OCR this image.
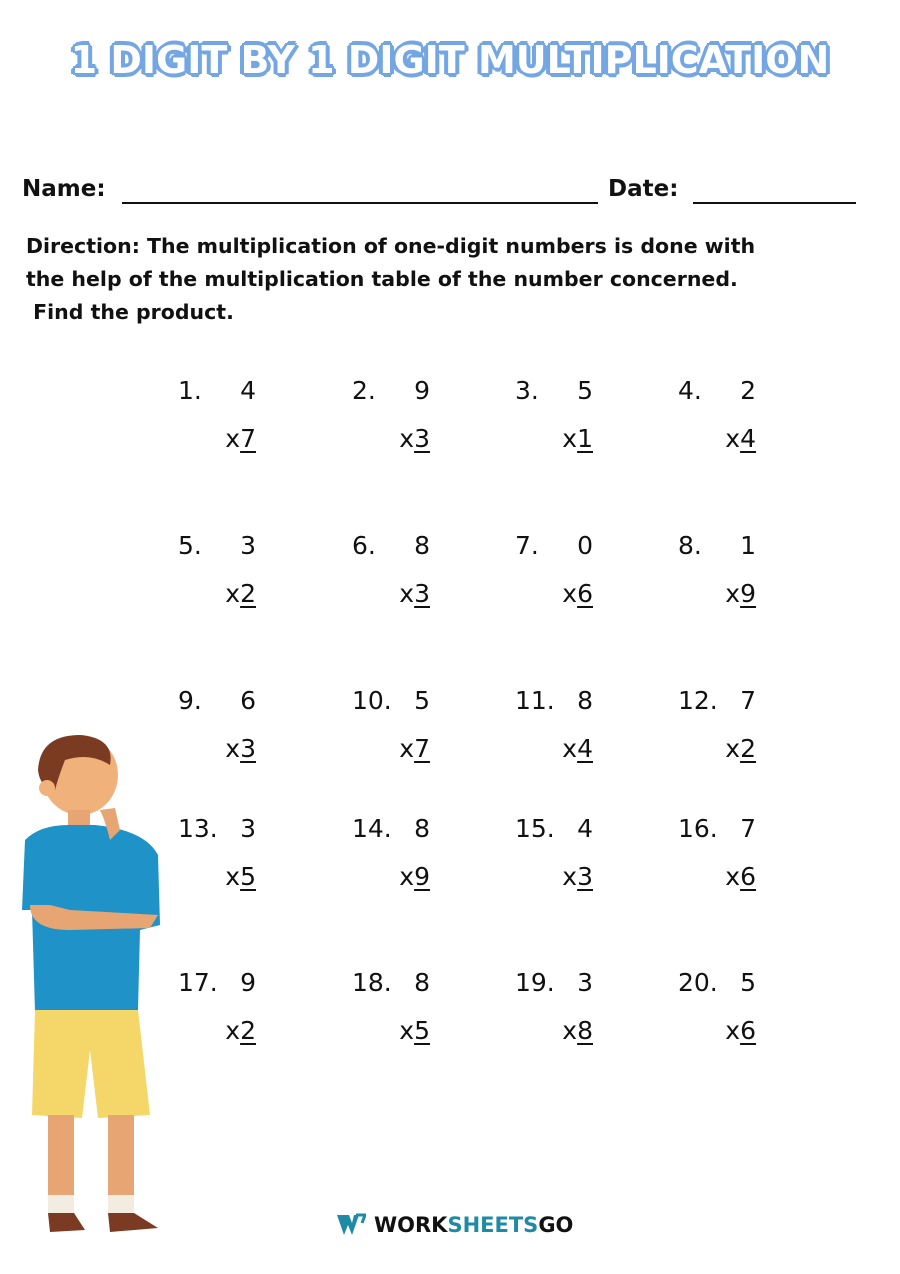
1 DIGIT BY 1 DIGIT MULTIPLICATION
Name:	Date:
Direction: The multiplication of one-digit numbers is done with
the help of the multiplication table of the number concerned.
Find the product.
1. 4
x7
2. 9
x3
3. 5
x1
4. 2
x4
5. 3
x2
6. 8
x3
7. 0
x6
8. 1
x9
9. 6
x3
10. 5
x7
11. 8
x4
12. 7
x2
13. 3
x5
14. 8
x9
15. 4
x3
16. 7
x6
17. 9
x2
18. 8
x5
19. 3
x8
20. 5
x6
WORKSHEETSGO
